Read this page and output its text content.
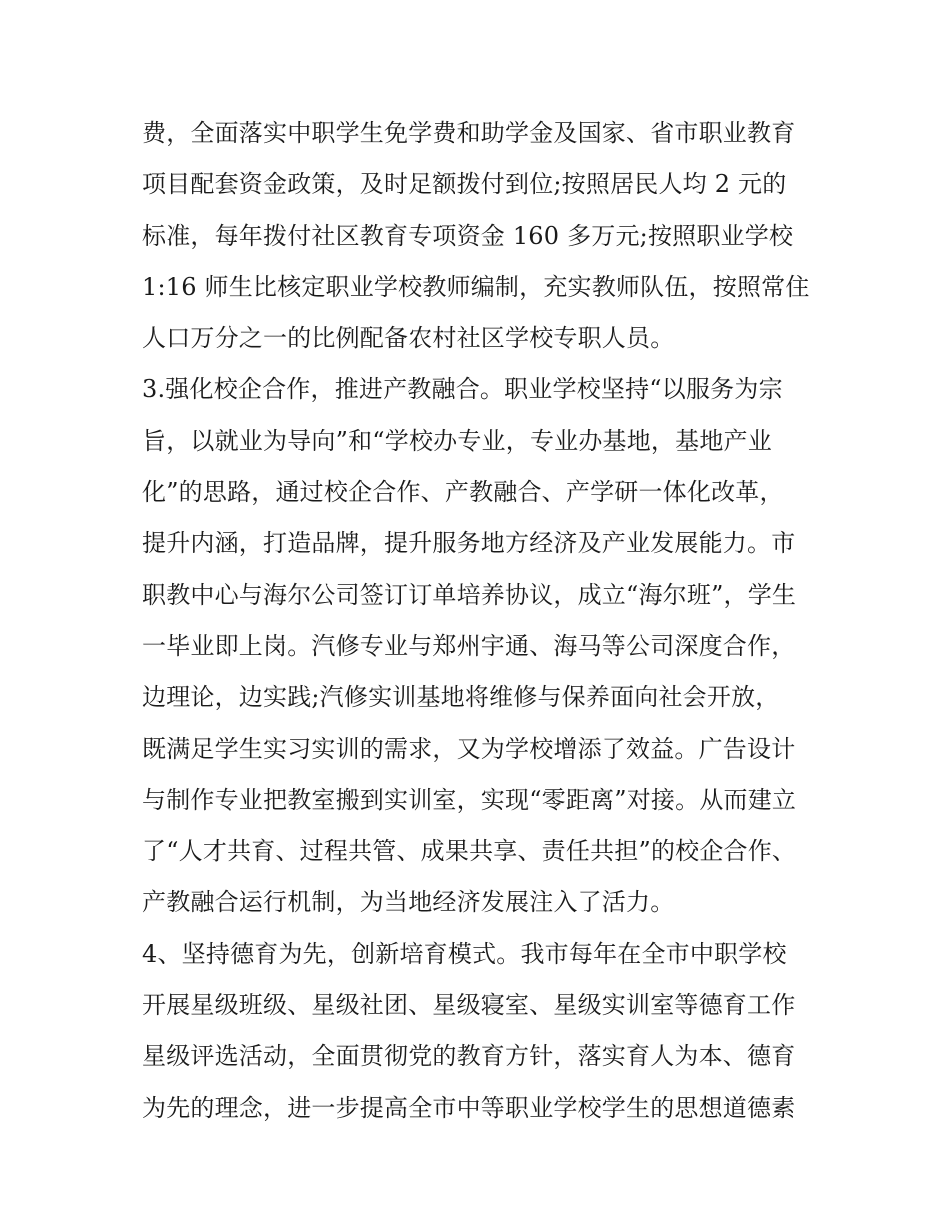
费，全面落实中职学生免学费和助学金及国家、省市职业教育
项目配套资金政策，及时足额拨付到位;按照居民人均 2 元的
标准，每年拨付社区教育专项资金 160 多万元;按照职业学校
1:16 师生比核定职业学校教师编制，充实教师队伍，按照常住
人口万分之一的比例配备农村社区学校专职人员。
3.强化校企合作，推进产教融合。职业学校坚持“以服务为宗
旨，以就业为导向”和“学校办专业，专业办基地，基地产业
化”的思路，通过校企合作、产教融合、产学研一体化改革，
提升内涵，打造品牌，提升服务地方经济及产业发展能力。市
职教中心与海尔公司签订订单培养协议，成立“海尔班”，学生
一毕业即上岗。汽修专业与郑州宇通、海马等公司深度合作，
边理论，边实践;汽修实训基地将维修与保养面向社会开放，
既满足学生实习实训的需求，又为学校增添了效益。广告设计
与制作专业把教室搬到实训室，实现“零距离”对接。从而建立
了“人才共育、过程共管、成果共享、责任共担”的校企合作、
产教融合运行机制，为当地经济发展注入了活力。
4、坚持德育为先，创新培育模式。我市每年在全市中职学校
开展星级班级、星级社团、星级寝室、星级实训室等德育工作
星级评选活动，全面贯彻党的教育方针，落实育人为本、德育
为先的理念，进一步提高全市中等职业学校学生的思想道德素
